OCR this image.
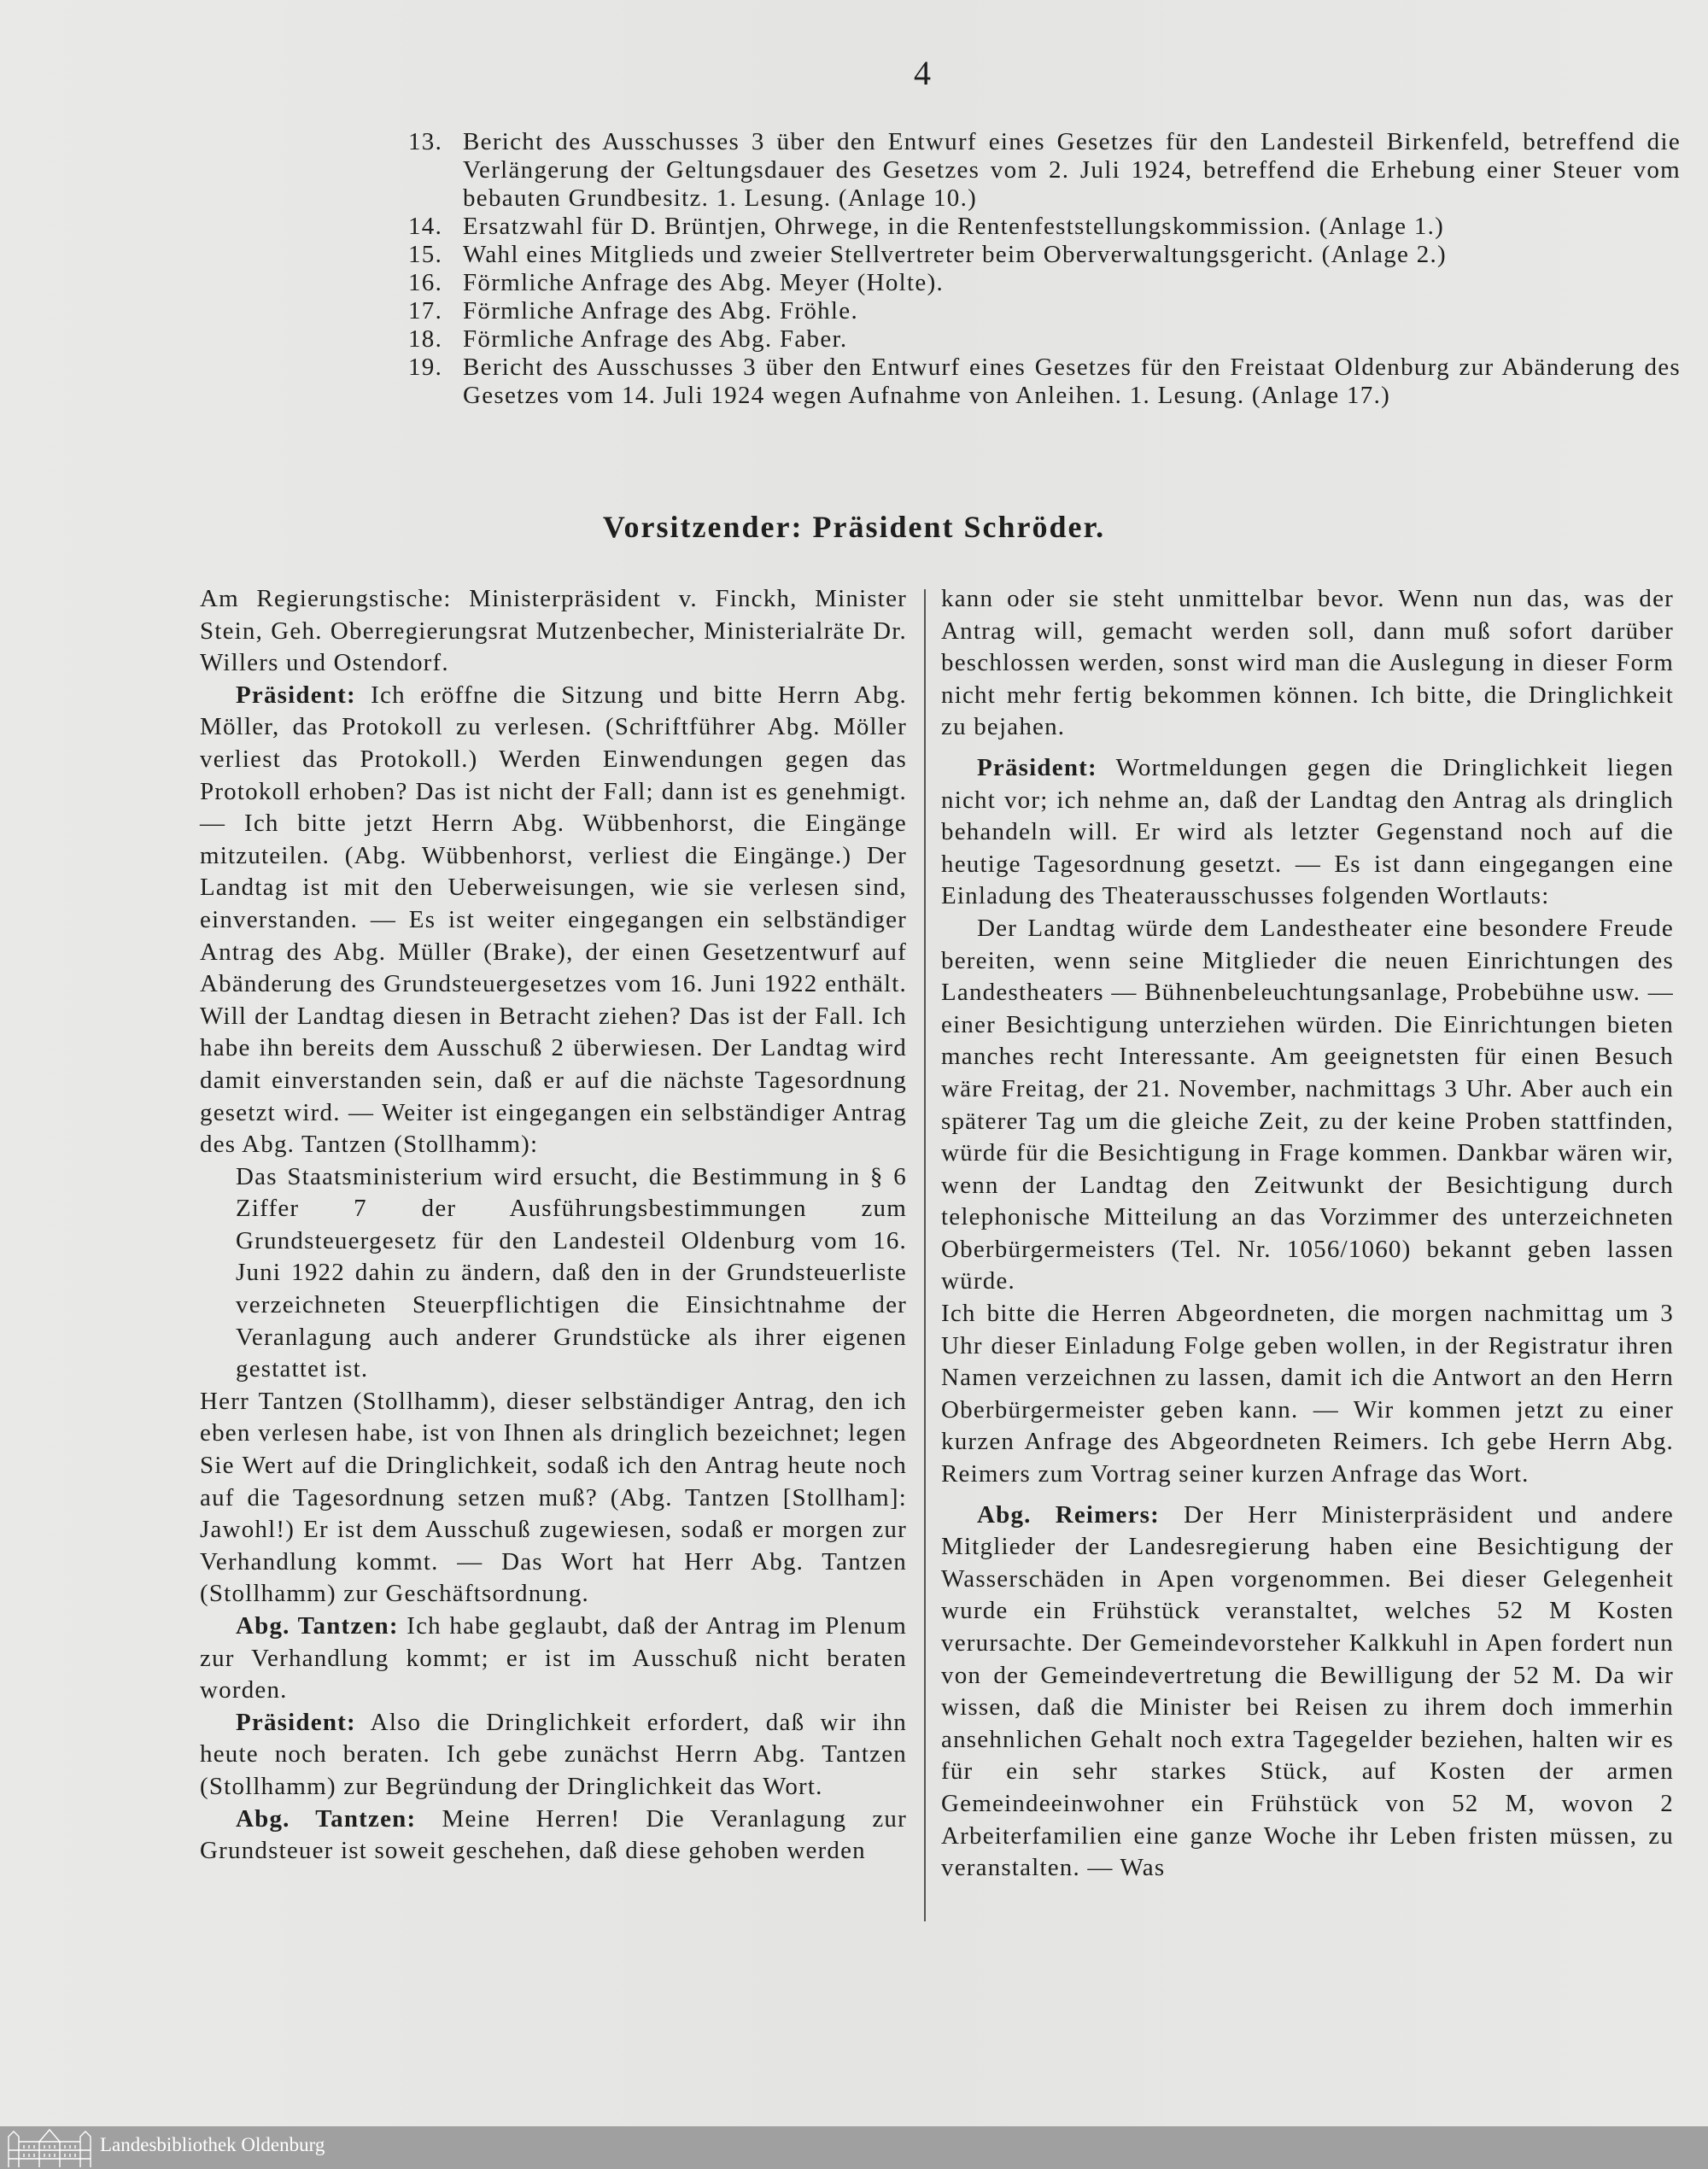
4
13. Bericht des Ausschusses 3 über den Entwurf eines Gesetzes für den Landesteil Birkenfeld, betreffend die Verlängerung der Geltungsdauer des Gesetzes vom 2. Juli 1924, betreffend die Erhebung einer Steuer vom bebauten Grundbesitz. 1. Lesung. (Anlage 10.)
14. Ersatzwahl für D. Brüntjen, Ohrwege, in die Rentenfeststellungskommission. (Anlage 1.)
15. Wahl eines Mitglieds und zweier Stellvertreter beim Oberverwaltungsgericht. (Anlage 2.)
16. Förmliche Anfrage des Abg. Meyer (Holte).
17. Förmliche Anfrage des Abg. Fröhle.
18. Förmliche Anfrage des Abg. Faber.
19. Bericht des Ausschusses 3 über den Entwurf eines Gesetzes für den Freistaat Oldenburg zur Abänderung des Gesetzes vom 14. Juli 1924 wegen Aufnahme von Anleihen. 1. Lesung. (Anlage 17.)
Vorsitzender: Präsident Schröder.

Am Regierungstische: Ministerpräsident v. Finckh, Minister Stein, Geh. Oberregierungsrat Mutzenbecher, Ministerialräte Dr. Willers und Ostendorf.

Präsident: Ich eröffne die Sitzung und bitte Herrn Abg. Möller, das Protokoll zu verlesen. (Schriftführer Abg. Möller verliest das Protokoll.) Werden Einwendungen gegen das Protokoll erhoben? Das ist nicht der Fall; dann ist es genehmigt. — Ich bitte jetzt Herrn Abg. Wübbenhorst, die Eingänge mitzuteilen. (Abg. Wübbenhorst, verliest die Eingänge.) Der Landtag ist mit den Ueberweisungen, wie sie verlesen sind, einverstanden. — Es ist weiter eingegangen ein selbständiger Antrag des Abg. Müller (Brake), der einen Gesetzentwurf auf Abänderung des Grundsteuergesetzes vom 16. Juni 1922 enthält. Will der Landtag diesen in Betracht ziehen? Das ist der Fall. Ich habe ihn bereits dem Ausschuß 2 überwiesen. Der Landtag wird damit einverstanden sein, daß er auf die nächste Tagesordnung gesetzt wird. — Weiter ist eingegangen ein selbständiger Antrag des Abg. Tantzen (Stollhamm):

Das Staatsministerium wird ersucht, die Bestimmung in § 6 Ziffer 7 der Ausführungsbestimmungen zum Grundsteuergesetz für den Landesteil Oldenburg vom 16. Juni 1922 dahin zu ändern, daß den in der Grundsteuerliste verzeichneten Steuerpflichtigen die Einsichtnahme der Veranlagung auch anderer Grundstücke als ihrer eigenen gestattet ist.

Herr Tantzen (Stollhamm), dieser selbständiger Antrag, den ich eben verlesen habe, ist von Ihnen als dringlich bezeichnet; legen Sie Wert auf die Dringlichkeit, sodaß ich den Antrag heute noch auf die Tagesordnung setzen muß? (Abg. Tantzen [Stollham]: Jawohl!) Er ist dem Ausschuß zugewiesen, sodaß er morgen zur Verhandlung kommt. — Das Wort hat Herr Abg. Tantzen (Stollhamm) zur Geschäftsordnung.

Abg. Tantzen: Ich habe geglaubt, daß der Antrag im Plenum zur Verhandlung kommt; er ist im Ausschuß nicht beraten worden.

Präsident: Also die Dringlichkeit erfordert, daß wir ihn heute noch beraten. Ich gebe zunächst Herrn Abg. Tantzen (Stollhamm) zur Begründung der Dringlichkeit das Wort.

Abg. Tantzen: Meine Herren! Die Veranlagung zur Grundsteuer ist soweit geschehen, daß diese gehoben werden

kann oder sie steht unmittelbar bevor. Wenn nun das, was der Antrag will, gemacht werden soll, dann muß sofort darüber beschlossen werden, sonst wird man die Auslegung in dieser Form nicht mehr fertig bekommen können. Ich bitte, die Dringlichkeit zu bejahen.

Präsident: Wortmeldungen gegen die Dringlichkeit liegen nicht vor; ich nehme an, daß der Landtag den Antrag als dringlich behandeln will. Er wird als letzter Gegenstand noch auf die heutige Tagesordnung gesetzt. — Es ist dann eingegangen eine Einladung des Theaterausschusses folgenden Wortlauts:

Der Landtag würde dem Landestheater eine besondere Freude bereiten, wenn seine Mitglieder die neuen Einrichtungen des Landestheaters — Bühnenbeleuchtungsanlage, Probebühne usw. — einer Besichtigung unterziehen würden. Die Einrichtungen bieten manches recht Interessante. Am geeignetsten für einen Besuch wäre Freitag, der 21. November, nachmittags 3 Uhr. Aber auch ein späterer Tag um die gleiche Zeit, zu der keine Proben stattfinden, würde für die Besichtigung in Frage kommen. Dankbar wären wir, wenn der Landtag den Zeitwunkt der Besichtigung durch telephonische Mitteilung an das Vorzimmer des unterzeichneten Oberbürgermeisters (Tel. Nr. 1056/1060) bekannt geben lassen würde.

Ich bitte die Herren Abgeordneten, die morgen nachmittag um 3 Uhr dieser Einladung Folge geben wollen, in der Registratur ihren Namen verzeichnen zu lassen, damit ich die Antwort an den Herrn Oberbürgermeister geben kann. — Wir kommen jetzt zu einer kurzen Anfrage des Abgeordneten Reimers. Ich gebe Herrn Abg. Reimers zum Vortrag seiner kurzen Anfrage das Wort.

Abg. Reimers: Der Herr Ministerpräsident und andere Mitglieder der Landesregierung haben eine Besichtigung der Wasserschäden in Apen vorgenommen. Bei dieser Gelegenheit wurde ein Frühstück veranstaltet, welches 52 M Kosten verursachte. Der Gemeindevorsteher Kalkkuhl in Apen fordert nun von der Gemeindevertretung die Bewilligung der 52 M. Da wir wissen, daß die Minister bei Reisen zu ihrem doch immerhin ansehnlichen Gehalt noch extra Tagegelder beziehen, halten wir es für ein sehr starkes Stück, auf Kosten der armen Gemeindeeinwohner ein Frühstück von 52 M, wovon 2 Arbeiterfamilien eine ganze Woche ihr Leben fristen müssen, zu veranstalten. — Was

Landesbibliothek Oldenburg
